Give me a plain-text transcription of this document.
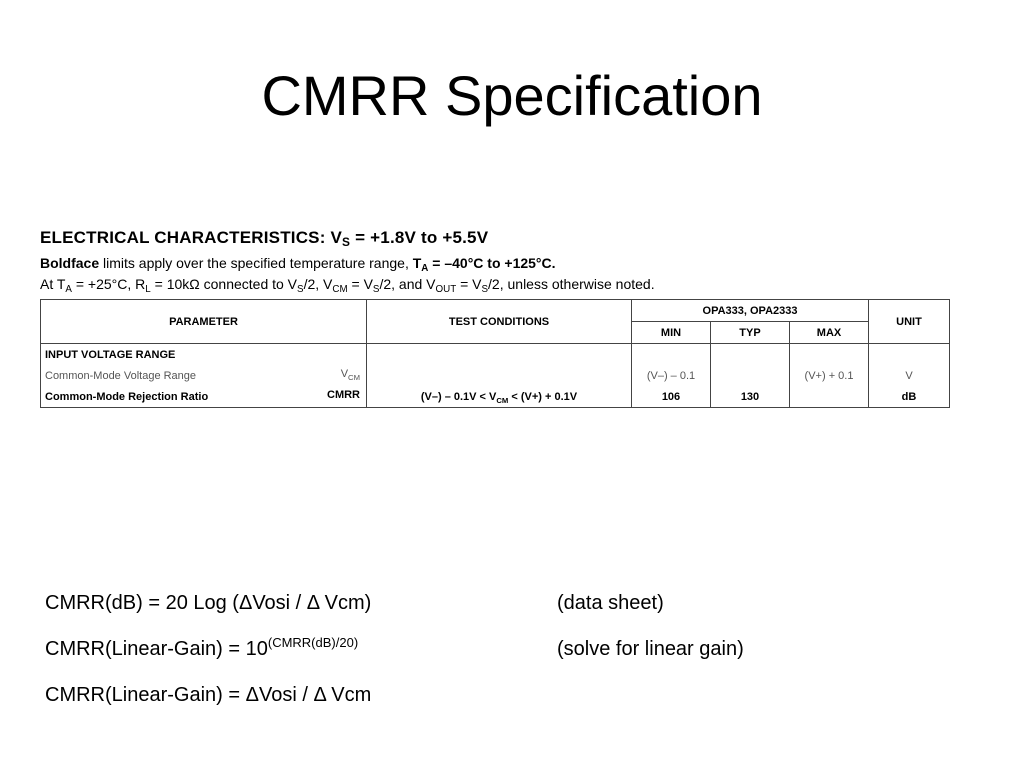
CMRR Specification
ELECTRICAL CHARACTERISTICS: $V_S = +1.8V$ to +5.5V
Boldface limits apply over the specified temperature range, $T_A = -40^\circ C$ to +125°C.
At $T_A = +25^\circ C$, $R_L = 10k\Omega$ connected to $V_S/2$, $V_{CM} = V_S/2$, and $V_{OUT} = V_S/2$, unless otherwise noted.
PARAMETER	TEST CONDITIONS	OPA333, OPA2333			UNIT
		MIN	TYP	MAX	
INPUT VOLTAGE RANGE					
Common-Mode Voltage Range $V_{CM}$		(V–) – 0.1		(V+) + 0.1	V
Common-Mode Rejection Ratio CMRR	$(V-) - 0.1V < V_{CM} < (V+) + 0.1V$	106	130		dB
CMRR(dB) = 20 Log (ΔVosi / Δ Vcm)	(data sheet)
CMRR(Linear-Gain) = $10^{(CMRR(dB)/20)}$	(solve for linear gain)
CMRR(Linear-Gain) = ΔVosi / Δ Vcm
